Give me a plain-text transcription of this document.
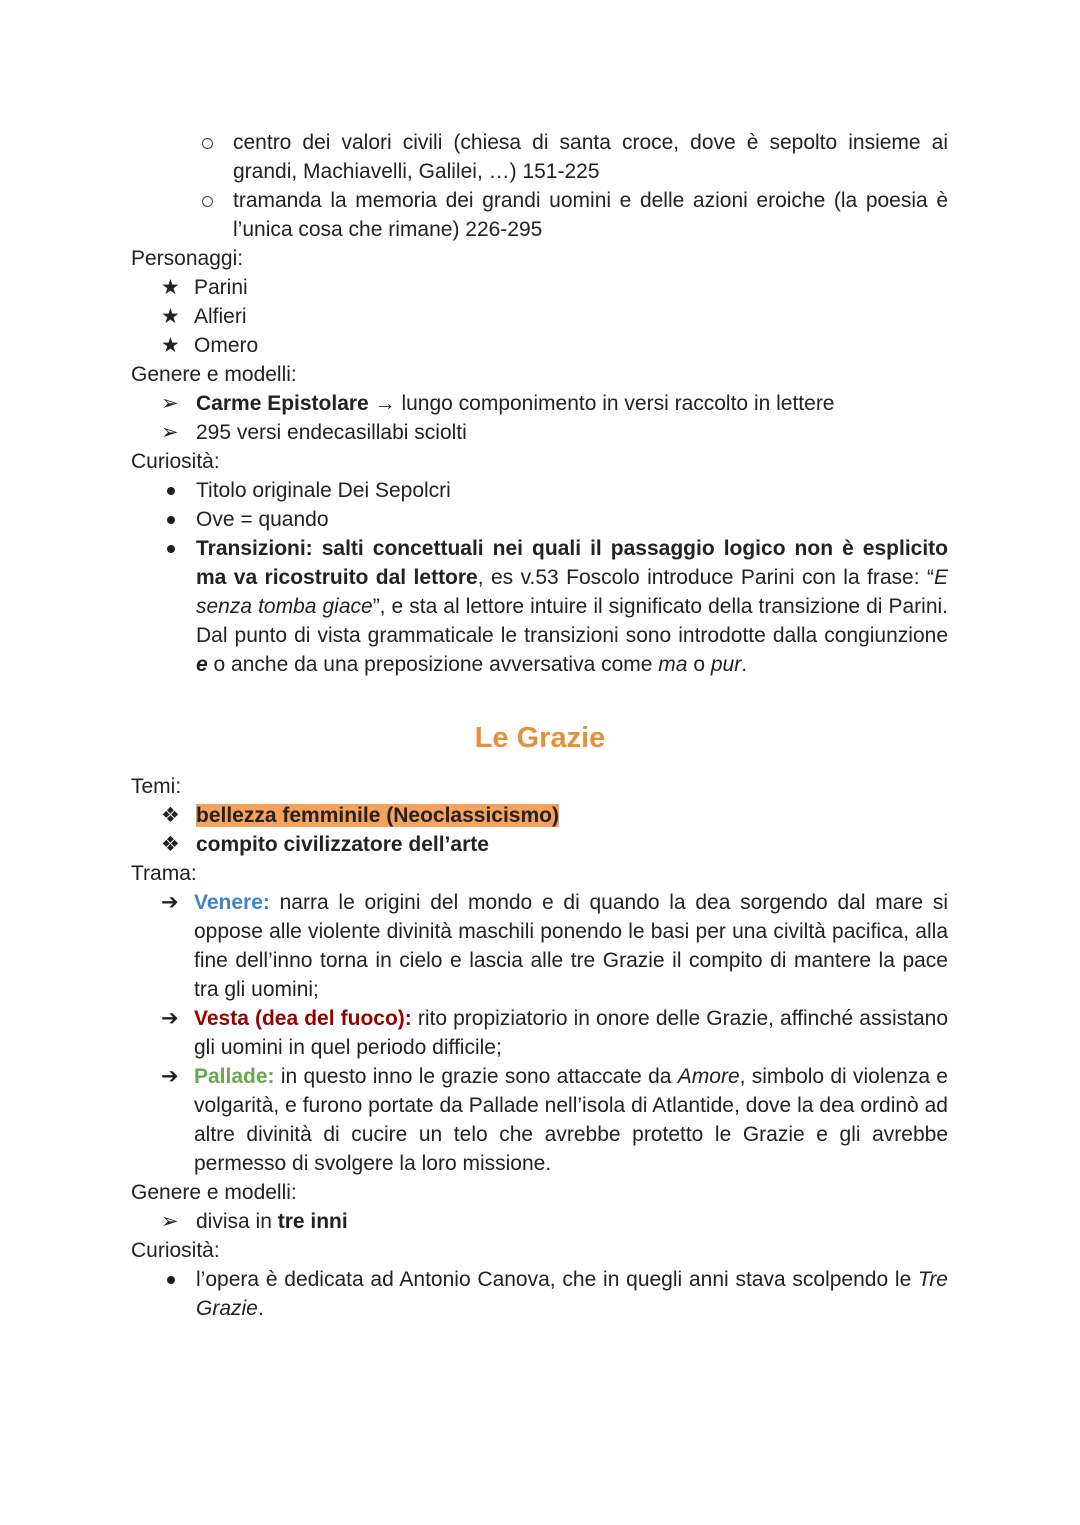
centro dei valori civili (chiesa di santa croce, dove è sepolto insieme ai grandi, Machiavelli, Galilei, …) 151-225
tramanda la memoria dei grandi uomini e delle azioni eroiche (la poesia è l’unica cosa che rimane) 226-295
Personaggi:
★ Parini
★ Alfieri
★ Omero
Genere e modelli:
➢ Carme Epistolare → lungo componimento in versi raccolto in lettere
➢ 295 versi endecasillabi sciolti
Curiosità:
Titolo originale Dei Sepolcri
Ove = quando
Transizioni: salti concettuali nei quali il passaggio logico non è esplicito ma va ricostruito dal lettore, es v.53 Foscolo introduce Parini con la frase: “E senza tomba giace”, e sta al lettore intuire il significato della transizione di Parini. Dal punto di vista grammaticale le transizioni sono introdotte dalla congiunzione e o anche da una preposizione avversativa come ma o pur.
Le Grazie
Temi:
❖ bellezza femminile (Neoclassicismo)
❖ compito civilizzatore dell’arte
Trama:
➔ Venere: narra le origini del mondo e di quando la dea sorgendo dal mare si oppose alle violente divinità maschili ponendo le basi per una civiltà pacifica, alla fine dell’inno torna in cielo e lascia alle tre Grazie il compito di mantere la pace tra gli uomini;
➔ Vesta (dea del fuoco): rito propiziatorio in onore delle Grazie, affinché assistano gli uomini in quel periodo difficile;
➔ Pallade: in questo inno le grazie sono attaccate da Amore, simbolo di violenza e volgarità, e furono portate da Pallade nell’isola di Atlantide, dove la dea ordinò ad altre divinità di cucire un telo che avrebbe protetto le Grazie e gli avrebbe permesso di svolgere la loro missione.
Genere e modelli:
➢ divisa in tre inni
Curiosità:
l’opera è dedicata ad Antonio Canova, che in quegli anni stava scolpendo le Tre Grazie.
